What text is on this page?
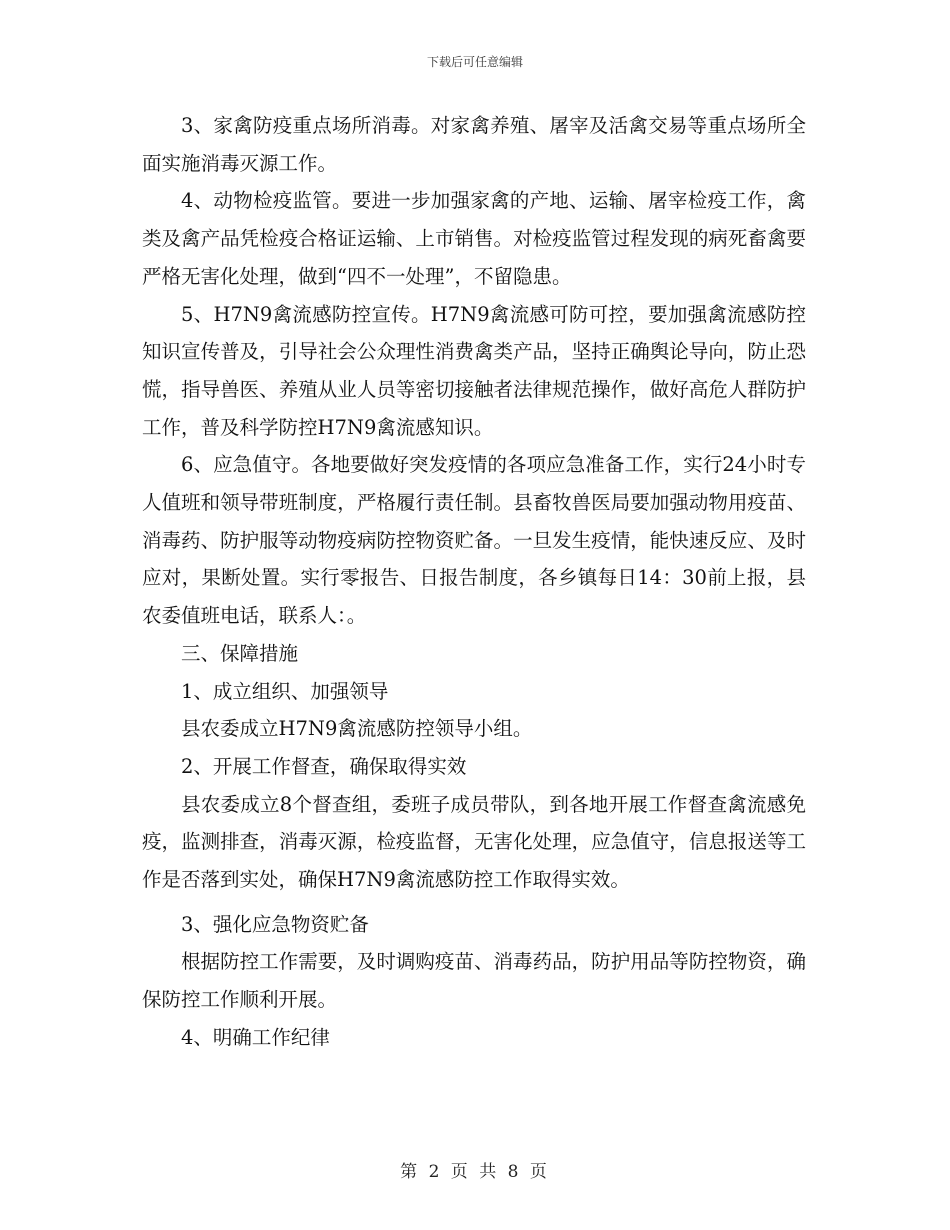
下载后可任意编辑

3、家禽防疫重点场所消毒。对家禽养殖、屠宰及活禽交易等重点场所全面实施消毒灭源工作。

4、动物检疫监管。要进一步加强家禽的产地、运输、屠宰检疫工作，禽类及禽产品凭检疫合格证运输、上市销售。对检疫监管过程发现的病死畜禽要严格无害化处理，做到“四不一处理”，不留隐患。

5、H7N9禽流感防控宣传。H7N9禽流感可防可控，要加强禽流感防控知识宣传普及，引导社会公众理性消费禽类产品，坚持正确舆论导向，防止恐慌，指导兽医、养殖从业人员等密切接触者法律规范操作，做好高危人群防护工作，普及科学防控H7N9禽流感知识。

6、应急值守。各地要做好突发疫情的各项应急准备工作，实行24小时专人值班和领导带班制度，严格履行责任制。县畜牧兽医局要加强动物用疫苗、消毒药、防护服等动物疫病防控物资贮备。一旦发生疫情，能快速反应、及时应对，果断处置。实行零报告、日报告制度，各乡镇每日14：30前上报，县农委值班电话，联系人：。

三、保障措施

1、成立组织、加强领导

县农委成立H7N9禽流感防控领导小组。

2、开展工作督查，确保取得实效

县农委成立8个督查组，委班子成员带队，到各地开展工作督查禽流感免疫，监测排查，消毒灭源，检疫监督，无害化处理，应急值守，信息报送等工作是否落到实处，确保H7N9禽流感防控工作取得实效。

3、强化应急物资贮备

根据防控工作需要，及时调购疫苗、消毒药品，防护用品等防控物资，确保防控工作顺利开展。

4、明确工作纪律

第 2 页 共 8 页
